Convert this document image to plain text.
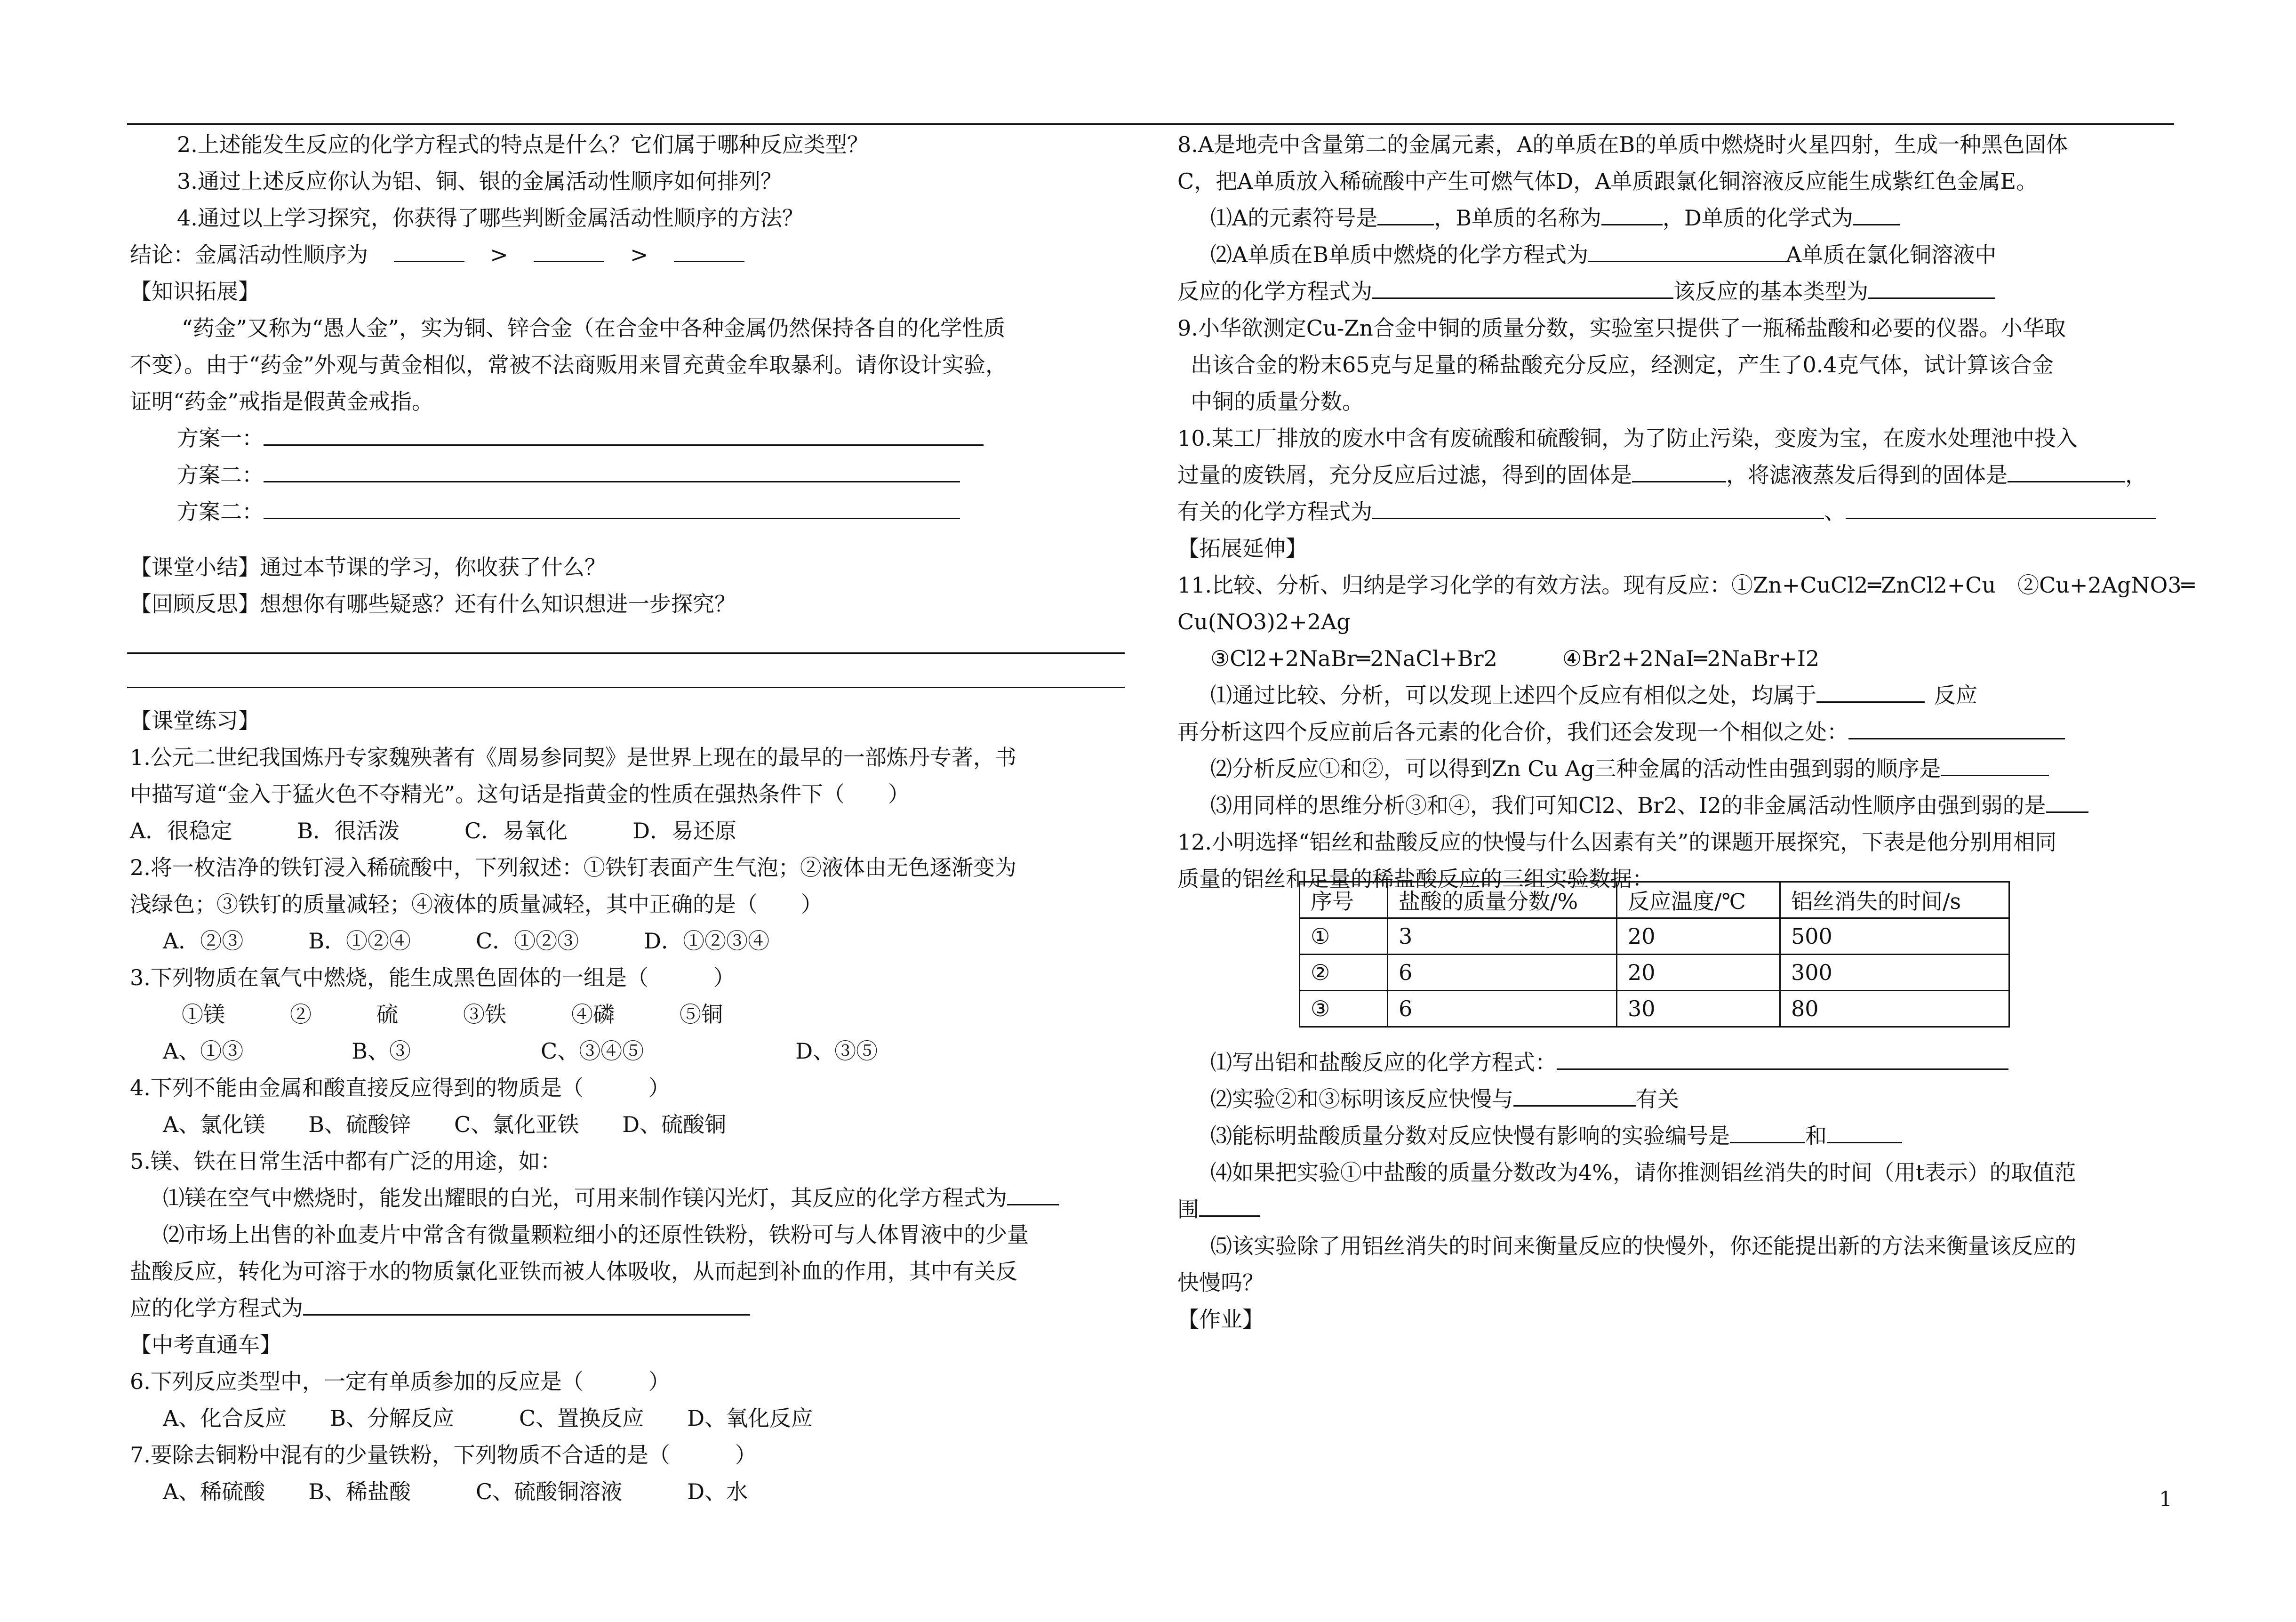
2.上述能发生反应的化学方程式的特点是什么？它们属于哪种反应类型？
3.通过上述反应你认为铝、铜、银的金属活动性顺序如何排列？
4.通过以上学习探究，你获得了哪些判断金属活动性顺序的方法？
结论：金属活动性顺序为	>	>
【知识拓展】
“药金”又称为“愚人金”，实为铜、锌合金（在合金中各种金属仍然保持各自的化学性质
不变）。由于“药金”外观与黄金相似，常被不法商贩用来冒充黄金牟取暴利。请你设计实验，
证明“药金”戒指是假黄金戒指。
方案一：
方案二：
方案二：
【课堂小结】通过本节课的学习，你收获了什么？
【回顾反思】想想你有哪些疑惑？还有什么知识想进一步探究？
【课堂练习】
1.公元二世纪我国炼丹专家魏殃著有《周易参同契》是世界上现在的最早的一部炼丹专著，书
中描写道“金入于猛火色不夺精光”。这句话是指黄金的性质在强热条件下（　　）
A．很稳定　　　B．很活泼　　　C．易氧化　　　D．易还原
2.将一枚洁净的铁钉浸入稀硫酸中，下列叙述：①铁钉表面产生气泡；②液体由无色逐渐变为
浅绿色；③铁钉的质量减轻；④液体的质量减轻，其中正确的是（　　）
A．②③　　　B．①②④　　　C．①②③　　　D．①②③④
3.下列物质在氧气中燃烧，能生成黑色固体的一组是（　　　）
①镁　　　②　　　硫　　　③铁　　　④磷　　　⑤铜
A、①③　　　　　B、③　　　　　　C、③④⑤　　　　　　　D、③⑤
4.下列不能由金属和酸直接反应得到的物质是（　　　）
A、氯化镁　　B、硫酸锌　　C、氯化亚铁　　D、硫酸铜
5.镁、铁在日常生活中都有广泛的用途，如：
⑴镁在空气中燃烧时，能发出耀眼的白光，可用来制作镁闪光灯，其反应的化学方程式为
⑵市场上出售的补血麦片中常含有微量颗粒细小的还原性铁粉，铁粉可与人体胃液中的少量
盐酸反应，转化为可溶于水的物质氯化亚铁而被人体吸收，从而起到补血的作用，其中有关反
应的化学方程式为
【中考直通车】
6.下列反应类型中，一定有单质参加的反应是（　　　）
A、化合反应　　B、分解反应　　　C、置换反应　　D、氧化反应
7.要除去铜粉中混有的少量铁粉，下列物质不合适的是（　　　）
A、稀硫酸　　B、稀盐酸　　　C、硫酸铜溶液　　　D、水
8.A是地壳中含量第二的金属元素，A的单质在B的单质中燃烧时火星四射，生成一种黑色固体
C，把A单质放入稀硫酸中产生可燃气体D，A单质跟氯化铜溶液反应能生成紫红色金属E。
⑴A的元素符号是	，B单质的名称为	，D单质的化学式为
⑵A单质在B单质中燃烧的化学方程式为	A单质在氯化铜溶液中
反应的化学方程式为	该反应的基本类型为
9.小华欲测定Cu-Zn合金中铜的质量分数，实验室只提供了一瓶稀盐酸和必要的仪器。小华取
出该合金的粉末65克与足量的稀盐酸充分反应，经测定，产生了0.4克气体，试计算该合金
中铜的质量分数。
10.某工厂排放的废水中含有废硫酸和硫酸铜，为了防止污染，变废为宝，在废水处理池中投入
过量的废铁屑，充分反应后过滤，得到的固体是	，将滤液蒸发后得到的固体是	，
有关的化学方程式为	、
【拓展延伸】
11.比较、分析、归纳是学习化学的有效方法。现有反应：①Zn+CuCl2═ZnCl2+Cu　②Cu+2AgNO3═
Cu(NO3)2+2Ag
③Cl2+2NaBr═2NaCl+Br2　　　④Br2+2NaI═2NaBr+I2
⑴通过比较、分析，可以发现上述四个反应有相似之处，均属于	反应
再分析这四个反应前后各元素的化合价，我们还会发现一个相似之处：
⑵分析反应①和②，可以得到Zn Cu Ag三种金属的活动性由强到弱的顺序是
⑶用同样的思维分析③和④，我们可知Cl2、Br2、I2的非金属活动性顺序由强到弱的是
12.小明选择“铝丝和盐酸反应的快慢与什么因素有关”的课题开展探究，下表是他分别用相同
质量的铝丝和足量的稀盐酸反应的三组实验数据：
⑴写出铝和盐酸反应的化学方程式：
⑵实验②和③标明该反应快慢与	有关
⑶能标明盐酸质量分数对反应快慢有影响的实验编号是	和
⑷如果把实验①中盐酸的质量分数改为4%，请你推测铝丝消失的时间（用t表示）的取值范
围
⑸该实验除了用铝丝消失的时间来衡量反应的快慢外，你还能提出新的方法来衡量该反应的
快慢吗？
【作业】
序号	盐酸的质量分数/%	反应温度/℃	铝丝消失的时间/s
①	3	20	500
②	6	20	300
③	6	30	80
1
